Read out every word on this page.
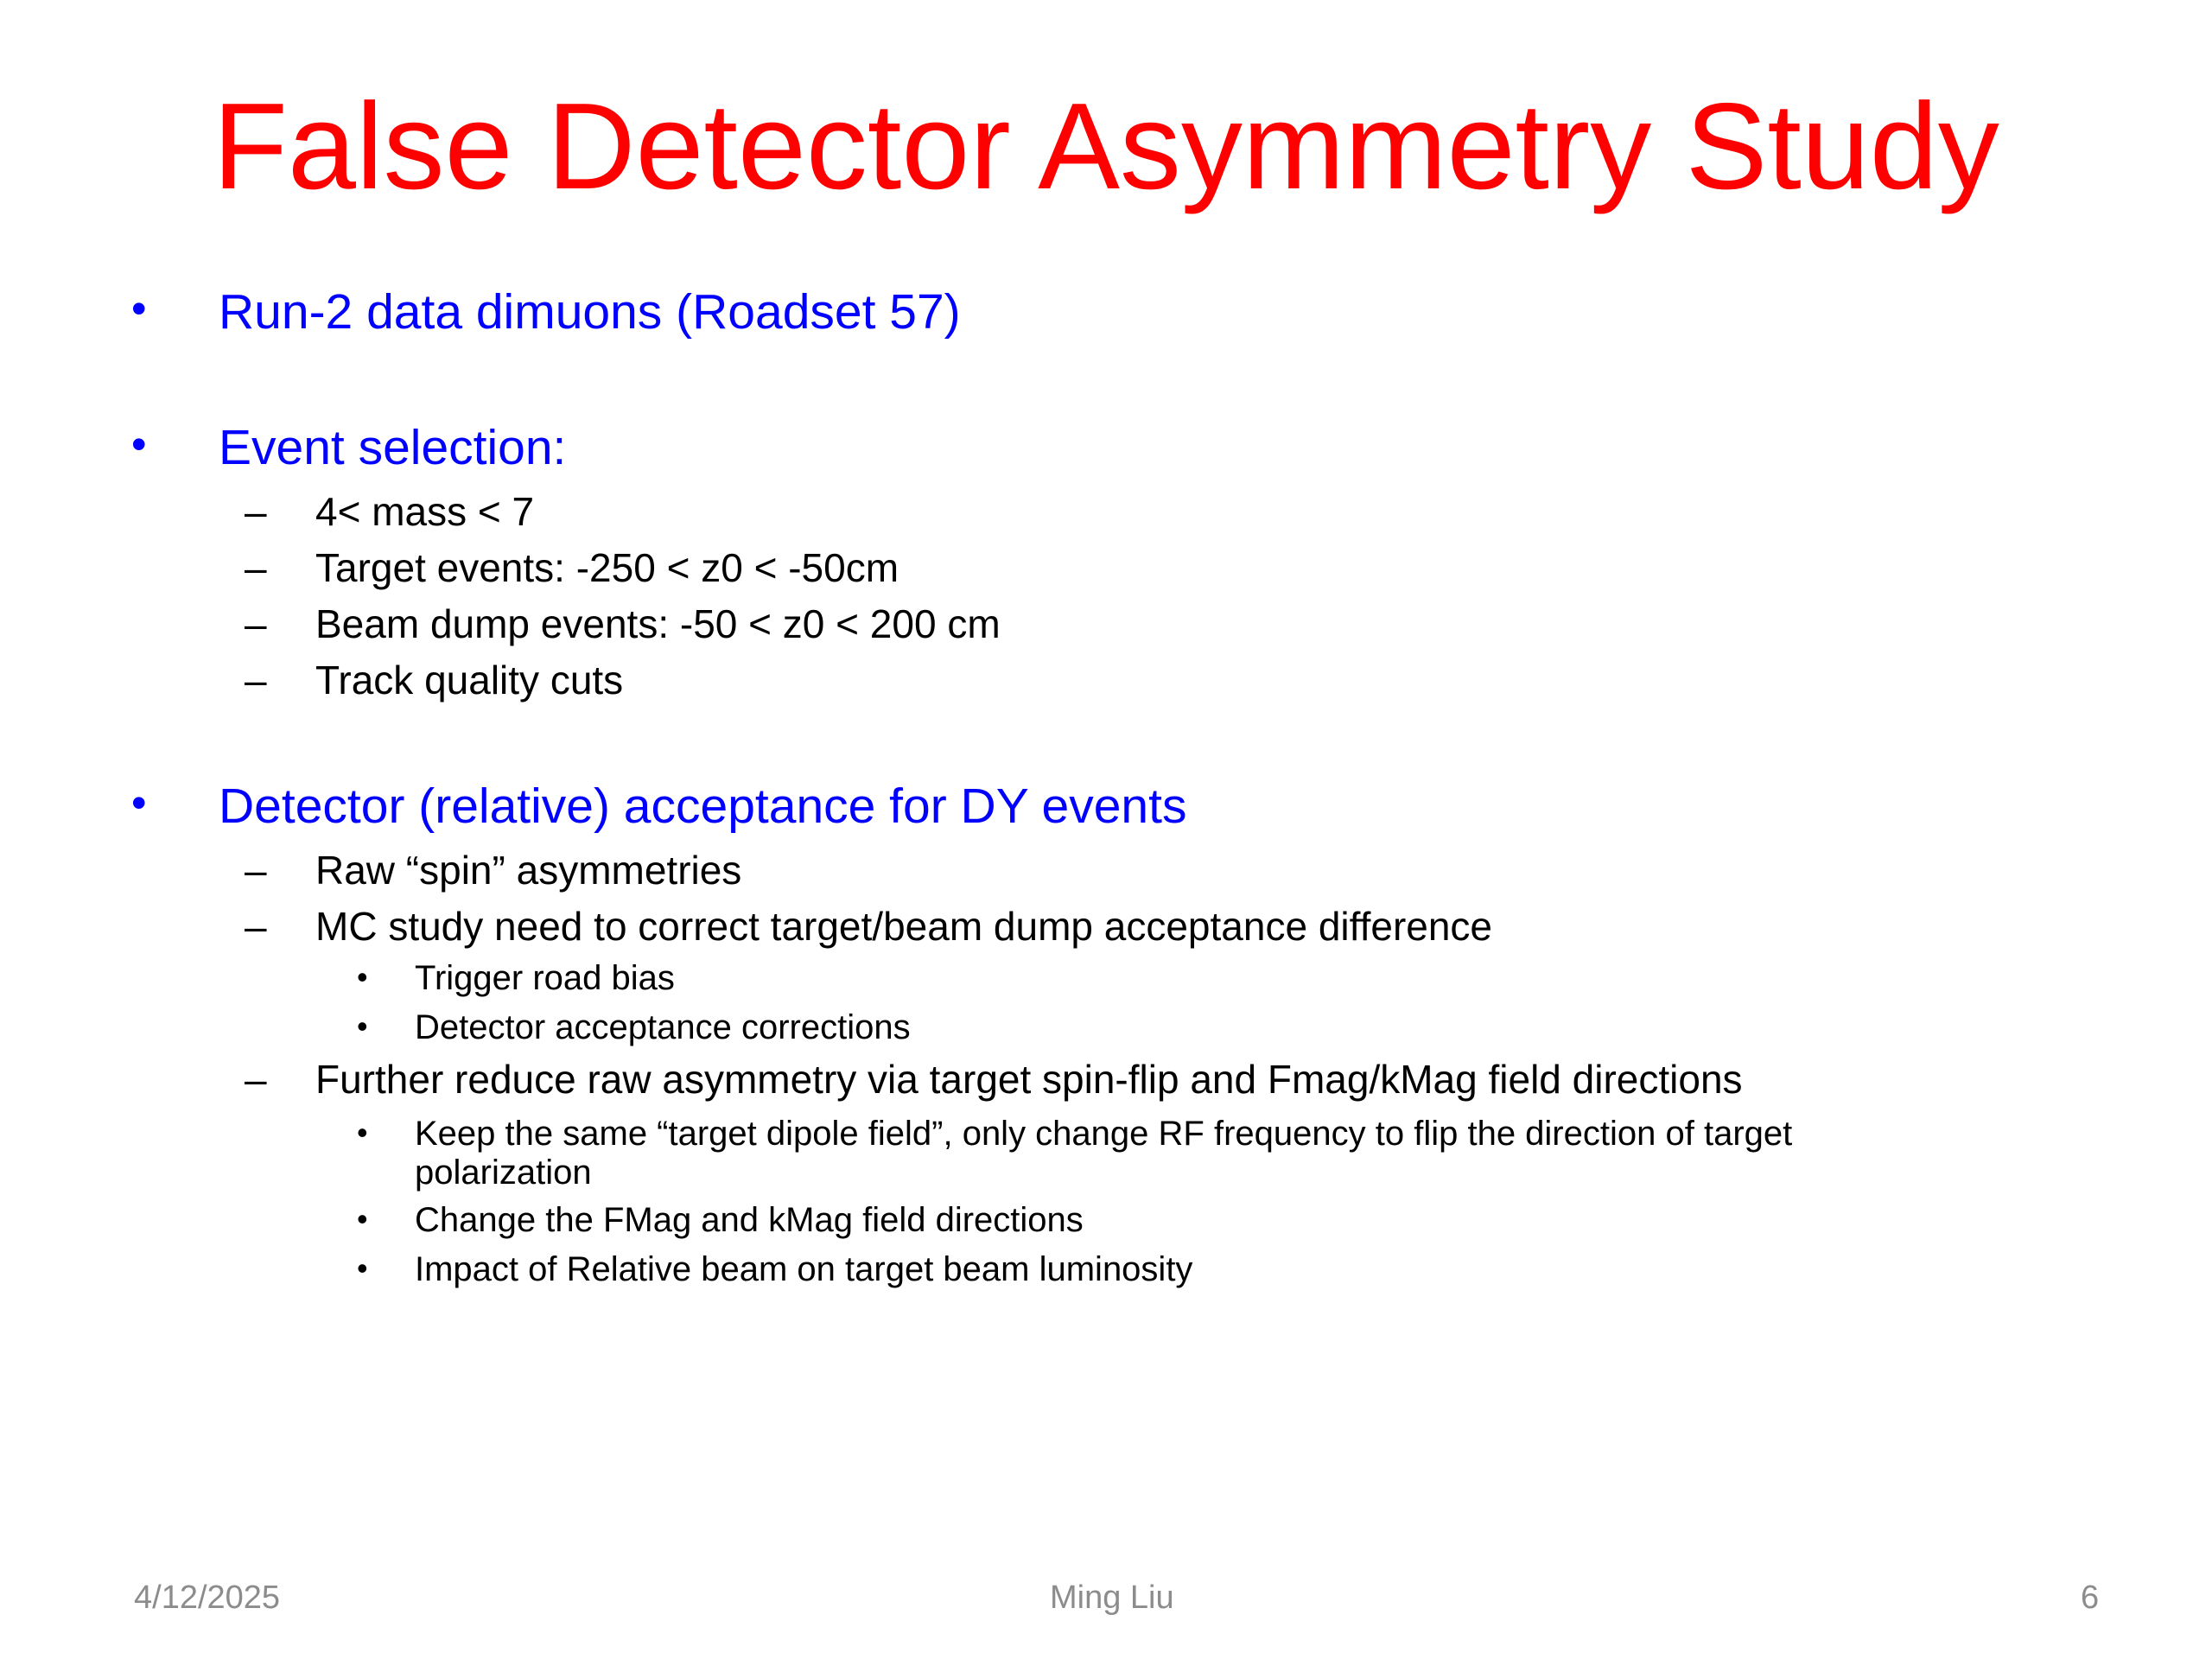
False Detector Asymmetry Study
• Run-2 data dimuons (Roadset 57)
• Event selection:
– 4< mass < 7
– Target events: -250 < z0 < -50cm
– Beam dump events: -50 < z0 < 200 cm
– Track quality cuts
• Detector (relative) acceptance for DY events
– Raw “spin” asymmetries
– MC study need to correct target/beam dump acceptance difference
• Trigger road bias
• Detector acceptance corrections
– Further reduce raw asymmetry via target spin-flip and Fmag/kMag field directions
• Keep the same “target dipole field”, only change RF frequency to flip the direction of target
polarization
• Change the FMag and kMag field directions
• Impact of Relative beam on target beam luminosity
4/12/2025	Ming Liu	6
